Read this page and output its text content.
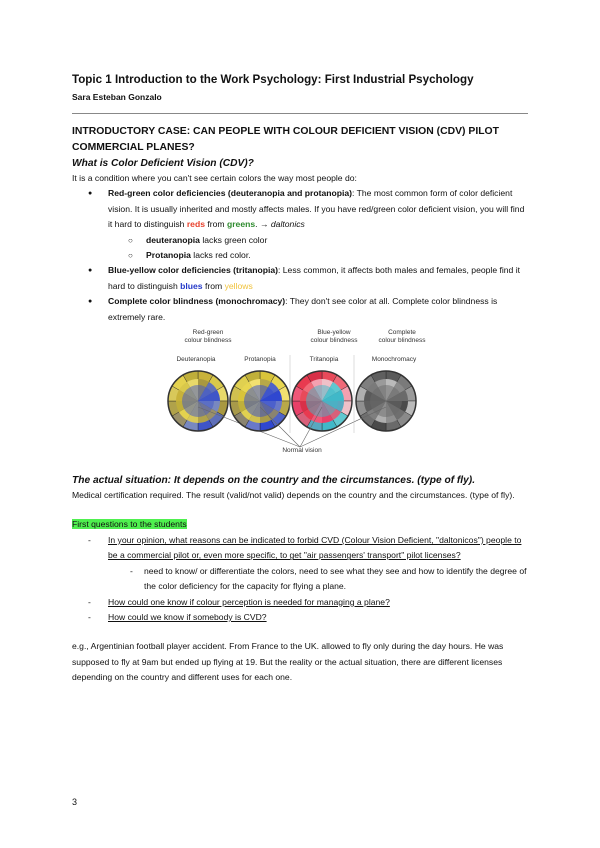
Topic 1 Introduction to the Work Psychology: First Industrial Psychology
Sara Esteban Gonzalo
INTRODUCTORY CASE: CAN PEOPLE WITH COLOUR DEFICIENT VISION (CDV) PILOT COMMERCIAL PLANES?
What is Color Deficient Vision (CDV)?

It is a condition where you can't see certain colors the way most people do:

● Red-green color deficiencies (deuteranopia and protanopia): The most common form of color deficient vision. It is usually inherited and mostly affects males. If you have red/green color deficient vision, you will find it hard to distinguish reds from greens. → daltonics
○ deuteranopia lacks green color
○ Protanopia lacks red color.
● Blue-yellow color deficiencies (tritanopia): Less common, it affects both males and females, people find it hard to distinguish blues from yellows
● Complete color blindness (monochromacy): They don't see color at all. Complete color blindness is extremely rare.
Red-green
colour blindness
Blue-yellow
colour blindness
Complete
colour blindness
Deuteranopia	Protanopia	Tritanopia	Monochromacy
Normal vision
The actual situation: It depends on the country and the circumstances. (type of fly).

Medical certification required. The result (valid/not valid) depends on the country and the circumstances. (type of fly).

First questions to the students

- In your opinion, what reasons can be indicated to forbid CVD (Colour Vision Deficient, "daltonicos") people to be a commercial pilot or, even more specific, to get "air passengers' transport" pilot licenses?
- need to know/ or differentiate the colors, need to see what they see and how to identify the degree of the color deficiency for the capacity for flying a plane.
- How could one know if colour perception is needed for managing a plane?
- How could we know if somebody is CVD?

e.g., Argentinian football player accident. From France to the UK. allowed to fly only during the day hours. He was supposed to fly at 9am but ended up flying at 19. But the reality or the actual situation, there are different licenses depending on the country and different uses for each one.

3
